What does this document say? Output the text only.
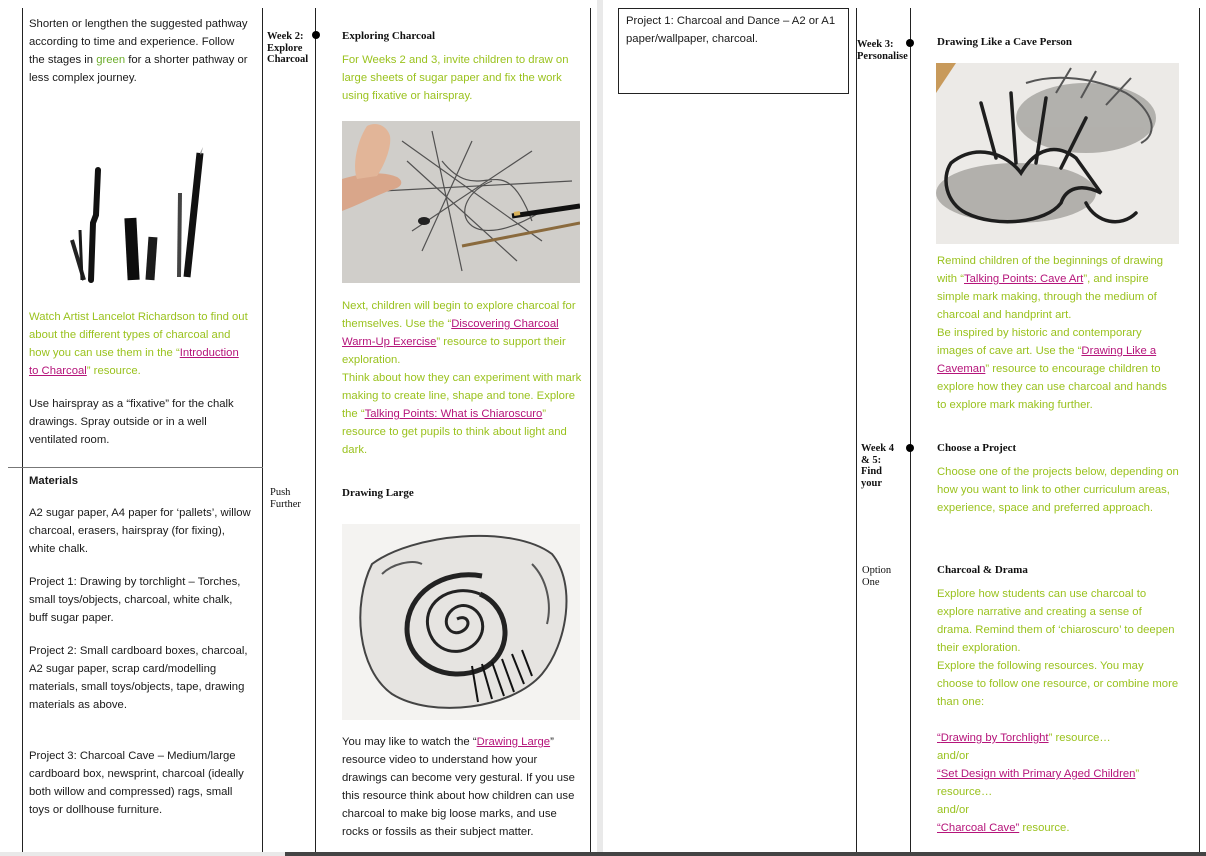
Shorten or lengthen the suggested pathway according to time and experience. Follow the stages in green for a shorter pathway or less complex journey.

Watch Artist Lancelot Richardson to find out about the different types of charcoal and how you can use them in the “Introduction to Charcoal” resource.

Use hairspray as a “fixative” for the chalk drawings. Spray outside or in a well ventilated room.
Materials
A2 sugar paper, A4 paper for ‘pallets’, willow charcoal, erasers, hairspray (for fixing), white chalk.
Project 1: Drawing by torchlight – Torches, small toys/objects, charcoal, white chalk, buff sugar paper.
Project 2: Small cardboard boxes, charcoal, A2 sugar paper, scrap card/modelling materials, small toys/objects, tape, drawing materials as above.
Project 3: Charcoal Cave – Medium/large cardboard box, newsprint, charcoal (ideally both willow and compressed) rags, small toys or dollhouse furniture.
Week 2:
Explore
Charcoal
Push
Further
Exploring Charcoal
For Weeks 2 and 3, invite children to draw on large sheets of sugar paper and fix the work using fixative or hairspray.

Next, children will begin to explore charcoal for themselves. Use the “Discovering Charcoal Warm-Up Exercise” resource to support their exploration.

Think about how they can experiment with mark making to create line, shape and tone. Explore the “Talking Points: What is Chiaroscuro” resource to get pupils to think about light and dark.

Drawing Large

You may like to watch the “Drawing Large” resource video to understand how your drawings can become very gestural. If you use this resource think about how children can use charcoal to make big loose marks, and use rocks or fossils as their subject matter.

Project 1: Charcoal and Dance – A2 or A1 paper/wallpaper, charcoal.	Week 3:
Personalise
Drawing Like a Cave Person

Remind children of the beginnings of drawing with “Talking Points: Cave Art”, and inspire simple mark making, through the medium of charcoal and handprint art.

Be inspired by historic and contemporary images of cave art. Use the “Drawing Like a Caveman” resource to encourage children to explore how they can use charcoal and hands to explore mark making further.

Week 4
& 5:
Find
your
Choose a Project
Choose one of the projects below, depending on how you want to link to other curriculum areas, experience, space and preferred approach.
Option
One
Charcoal & Drama

Explore how students can use charcoal to explore narrative and creating a sense of drama. Remind them of ‘chiaroscuro’ to deepen their exploration.

Explore the following resources. You may choose to follow one resource, or combine more than one:

“Drawing by Torchlight” resource…

and/or

“Set Design with Primary Aged Children” resource…

and/or

“Charcoal Cave” resource.
